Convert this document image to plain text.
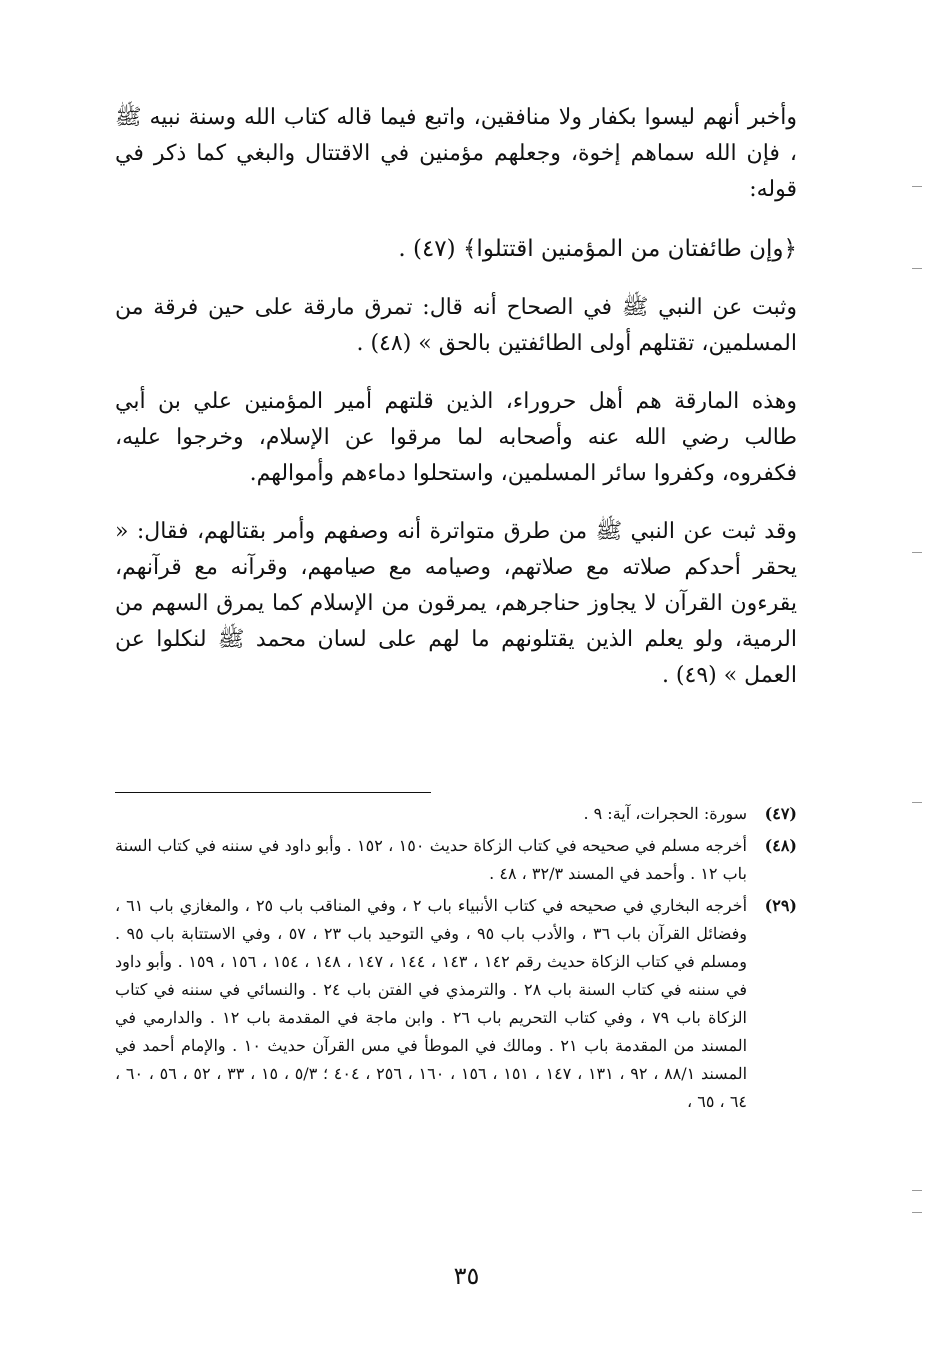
وأخبر أنهم ليسوا بكفار ولا منافقين، واتبع فيما قاله كتاب الله وسنة نبيه ﷺ ، فإن الله سماهم إخوة، وجعلهم مؤمنين في الاقتتال والبغي كما ذكر في قوله:

﴿وإن طائفتان من المؤمنين اقتتلوا﴾ (٤٧) .

وثبت عن النبي ﷺ في الصحاح أنه قال: تمرق مارقة على حين فرقة من المسلمين، تقتلهم أولى الطائفتين بالحق » (٤٨) .

وهذه المارقة هم أهل حروراء، الذين قلتهم أمير المؤمنين علي بن أبي طالب رضي الله عنه وأصحابه لما مرقوا عن الإسلام، وخرجوا عليه، فكفروه، وكفروا سائر المسلمين، واستحلوا دماءهم وأموالهم.

وقد ثبت عن النبي ﷺ من طرق متواترة أنه وصفهم وأمر بقتالهم، فقال: « يحقر أحدكم صلاته مع صلاتهم، وصيامه مع صيامهم، وقرآنه مع قرآنهم، يقرءون القرآن لا يجاوز حناجرهم، يمرقون من الإسلام كما يمرق السهم من الرمية، ولو يعلم الذين يقتلونهم ما لهم على لسان محمد ﷺ لنكلوا عن العمل » (٤٩) .

(٤٧)
سورة: الحجرات، آية: ٩ .
(٤٨)
أخرجه مسلم في صحيحه في كتاب الزكاة حديث ١٥٠ ، ١٥٢ . وأبو داود في سننه في كتاب السنة باب ١٢ . وأحمد في المسند ٣٢/٣ ، ٤٨ .
(٢٩)
أخرجه البخاري في صحيحه في كتاب الأنبياء باب ٢ ، وفي المناقب باب ٢٥ ، والمغازي باب ٦١ ، وفضائل القرآن باب ٣٦ ، والأدب باب ٩٥ ، وفي التوحيد باب ٢٣ ، ٥٧ ، وفي الاستتابة باب ٩٥ . ومسلم في كتاب الزكاة حديث رقم ١٤٢ ، ١٤٣ ، ١٤٤ ، ١٤٧ ، ١٤٨ ، ١٥٤ ، ١٥٦ ، ١٥٩ . وأبو داود في سننه في كتاب السنة باب ٢٨ . والترمذي في الفتن باب ٢٤ . والنسائي في سننه في كتاب الزكاة باب ٧٩ ، وفي كتاب التحريم باب ٢٦ . وابن ماجة في المقدمة باب ١٢ . والدارمي في المسند من المقدمة باب ٢١ . ومالك في الموطأ في مس القرآن حديث ١٠ . والإمام أحمد في المسند ٨٨/١ ، ٩٢ ، ١٣١ ، ١٤٧ ، ١٥١ ، ١٥٦ ، ١٦٠ ، ٢٥٦ ، ٤٠٤ ؛ ٥/٣ ، ١٥ ، ٣٣ ، ٥٢ ، ٥٦ ، ٦٠ ، ٦٤ ، ٦٥ ،
٣٥
